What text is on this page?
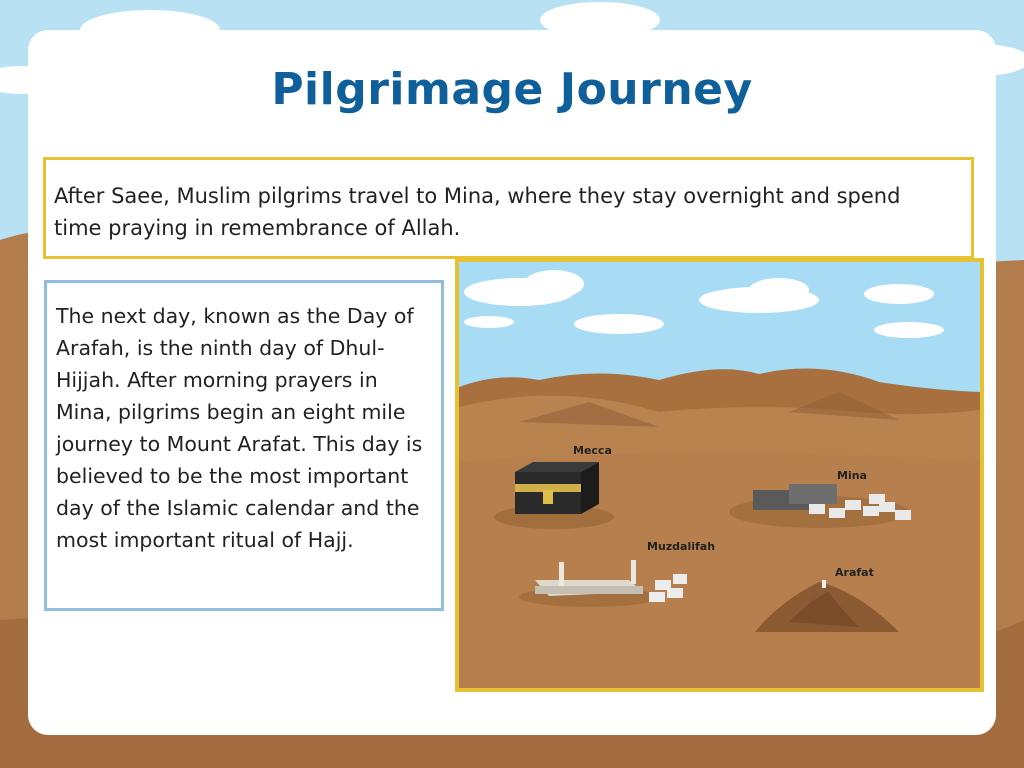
Pilgrimage Journey

After Saee, Muslim pilgrims travel to Mina, where they stay overnight and spend time praying in remembrance of Allah.

The next day, known as the Day of Arafah, is the ninth day of Dhul-Hijjah. After morning prayers in Mina, pilgrims begin an eight mile journey to Mount Arafat. This day is believed to be the most important day of the Islamic calendar and the most important ritual of Hajj.

Mecca
Mina
Muzdalifah
Arafat
